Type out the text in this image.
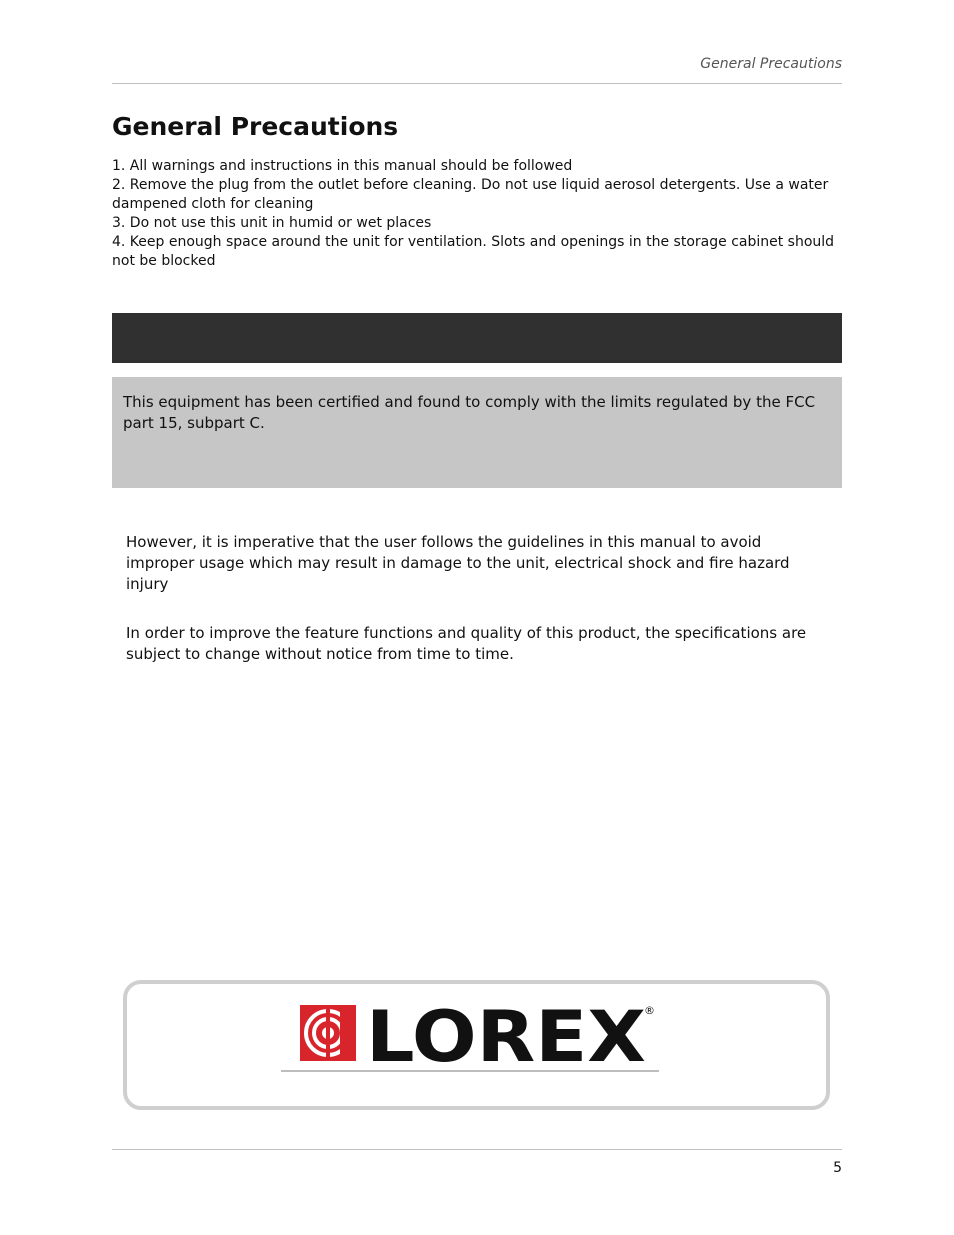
General Precautions
General Precautions
1. All warnings and instructions in this manual should be followed
2. Remove the plug from the outlet before cleaning. Do not use liquid aerosol detergents. Use a water dampened cloth for cleaning
3. Do not use this unit in humid or wet places
4. Keep enough space around the unit for ventilation. Slots and openings in the storage cabinet should not be blocked
This equipment has been certified and found to comply with the limits regulated by the FCC part 15, subpart C.
However, it is imperative that the user follows the guidelines in this manual to avoid improper usage which may result in damage to the unit, electrical shock and fire hazard injury
In order to improve the feature functions and quality of this product, the specifications are subject to change without notice from time to time.
LOREX
®
5
